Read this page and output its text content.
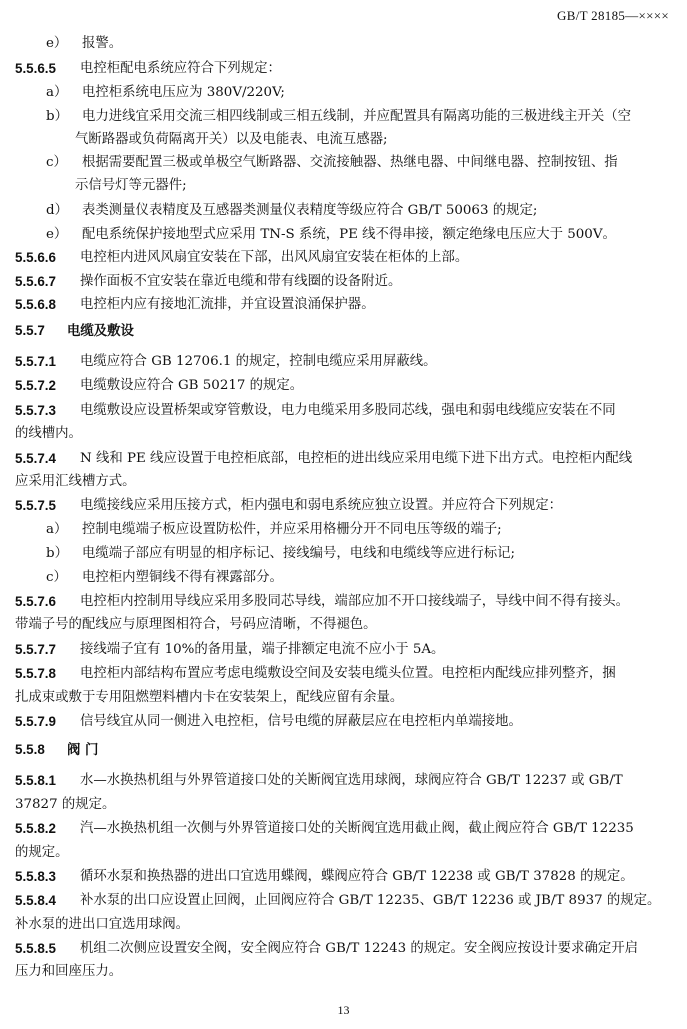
GB/T 28185—××××
e） 报警。
5.5.6.5 电控柜配电系统应符合下列规定：
a） 电控柜系统电压应为 380V/220V;
b） 电力进线宜采用交流三相四线制或三相五线制，并应配置具有隔离功能的三极进线主开关（空
气断路器或负荷隔离开关）以及电能表、电流互感器;
c） 根据需要配置三极或单极空气断路器、交流接触器、热继电器、中间继电器、控制按钮、指
示信号灯等元器件;
d） 表类测量仪表精度及互感器类测量仪表精度等级应符合 GB/T 50063 的规定;
e） 配电系统保护接地型式应采用 TN-S 系统，PE 线不得串接，额定绝缘电压应大于 500V。
5.5.6.6 电控柜内进风风扇宜安装在下部，出风风扇宜安装在柜体的上部。
5.5.6.7 操作面板不宜安装在靠近电缆和带有线圈的设备附近。
5.5.6.8 电控柜内应有接地汇流排，并宜设置浪涌保护器。
5.5.7 电缆及敷设
5.5.7.1 电缆应符合 GB 12706.1 的规定，控制电缆应采用屏蔽线。
5.5.7.2 电缆敷设应符合 GB 50217 的规定。
5.5.7.3 电缆敷设应设置桥架或穿管敷设，电力电缆采用多股同芯线，强电和弱电线缆应安装在不同
的线槽内。
5.5.7.4 N 线和 PE 线应设置于电控柜底部，电控柜的进出线应采用电缆下进下出方式。电控柜内配线
应采用汇线槽方式。
5.5.7.5 电缆接线应采用压接方式，柜内强电和弱电系统应独立设置。并应符合下列规定：
a） 控制电缆端子板应设置防松件，并应采用格栅分开不同电压等级的端子;
b） 电缆端子部应有明显的相序标记、接线编号，电线和电缆线等应进行标记;
c） 电控柜内塑铜线不得有裸露部分。
5.5.7.6 电控柜内控制用导线应采用多股同芯导线，端部应加不开口接线端子，导线中间不得有接头。
带端子号的配线应与原理图相符合，号码应清晰，不得褪色。
5.5.7.7 接线端子宜有 10%的备用量，端子排额定电流不应小于 5A。
5.5.7.8 电控柜内部结构布置应考虑电缆敷设空间及安装电缆头位置。电控柜内配线应排列整齐，捆
扎成束或敷于专用阻燃塑料槽内卡在安装架上，配线应留有余量。
5.5.7.9 信号线宜从同一侧进入电控柜，信号电缆的屏蔽层应在电控柜内单端接地。
5.5.8 阀 门
5.5.8.1 水—水换热机组与外界管道接口处的关断阀宜选用球阀，球阀应符合 GB/T 12237 或 GB/T
37827 的规定。
5.5.8.2 汽—水换热机组一次侧与外界管道接口处的关断阀宜选用截止阀，截止阀应符合 GB/T 12235
的规定。
5.5.8.3 循环水泵和换热器的进出口宜选用蝶阀，蝶阀应符合 GB/T 12238 或 GB/T 37828 的规定。
5.5.8.4 补水泵的出口应设置止回阀，止回阀应符合 GB/T 12235、GB/T 12236 或 JB/T 8937 的规定。
补水泵的进出口宜选用球阀。
5.5.8.5 机组二次侧应设置安全阀，安全阀应符合 GB/T 12243 的规定。安全阀应按设计要求确定开启
压力和回座压力。
13
